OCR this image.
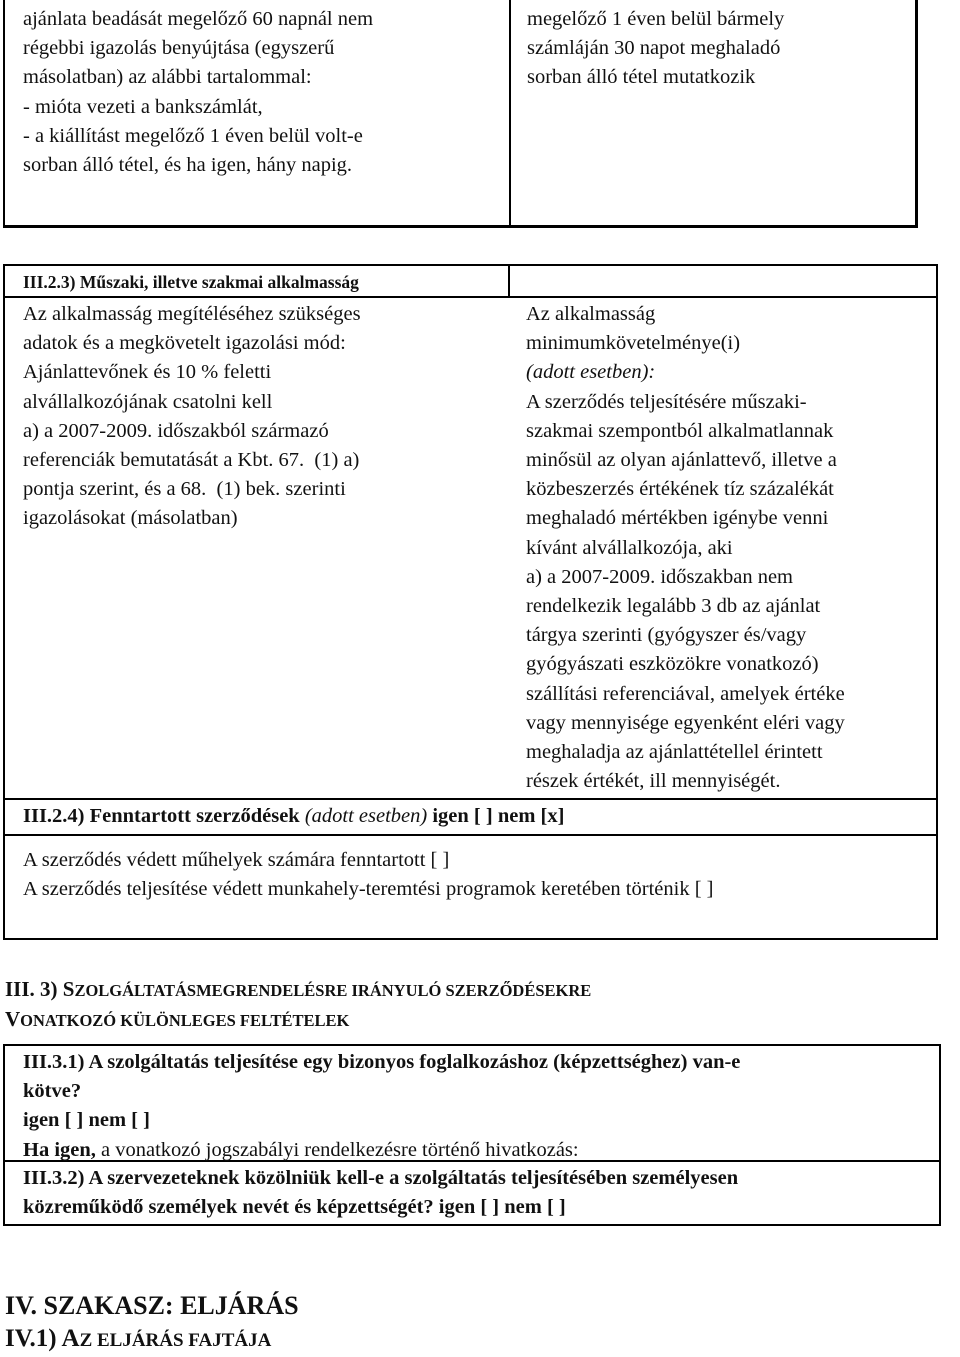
ajánlata beadását megelőző 60 napnál nem
régebbi igazolás benyújtása (egyszerű
másolatban) az alábbi tartalommal:
- mióta vezeti a bankszámlát,
- a kiállítást megelőző 1 éven belül volt-e
sorban álló tétel, és ha igen, hány napig.
megelőző 1 éven belül bármely
számláján 30 napot meghaladó
sorban álló tétel mutatkozik
III.2.3) Műszaki, illetve szakmai alkalmasság
Az alkalmasság megítéléséhez szükséges
adatok és a megkövetelt igazolási mód:
Ajánlattevőnek és 10 % feletti
alvállalkozójának csatolni kell
a) a 2007-2009. időszakból származó
referenciák bemutatását a Kbt. 67.  (1) a)
pontja szerint, és a 68.  (1) bek. szerinti
igazolásokat (másolatban)
Az alkalmasság
minimumkövetelménye(i)
(adott esetben):
A szerződés teljesítésére műszaki-
szakmai szempontból alkalmatlannak
minősül az olyan ajánlattevő, illetve a
közbeszerzés értékének tíz százalékát
meghaladó mértékben igénybe venni
kívánt alvállalkozója, aki
a) a 2007-2009. időszakban nem
rendelkezik legalább 3 db az ajánlat
tárgya szerinti (gyógyszer és/vagy
gyógyászati eszközökre vonatkozó)
szállítási referenciával, amelyek értéke
vagy mennyisége egyenként eléri vagy
meghaladja az ajánlattétellel érintett
részek értékét, ill mennyiségét.
III.2.4) Fenntartott szerződések (adott esetben) igen [ ] nem [x]
A szerződés védett műhelyek számára fenntartott [ ]
A szerződés teljesítése védett munkahely-teremtési programok keretében történik [ ]
III. 3) SZOLGÁLTATÁSMEGRENDELÉSRE IRÁNYULÓ SZERZŐDÉSEKRE
VONATKOZÓ KÜLÖNLEGES FELTÉTELEK
III.3.1) A szolgáltatás teljesítése egy bizonyos foglalkozáshoz (képzettséghez) van-e
kötve?
igen [ ] nem [ ]
Ha igen, a vonatkozó jogszabályi rendelkezésre történő hivatkozás:
III.3.2) A szervezeteknek közölniük kell-e a szolgáltatás teljesítésében személyesen
közreműködő személyek nevét és képzettségét? igen [ ] nem [ ]
IV. SZAKASZ: ELJÁRÁS
IV.1) AZ ELJÁRÁS FAJTÁJA
